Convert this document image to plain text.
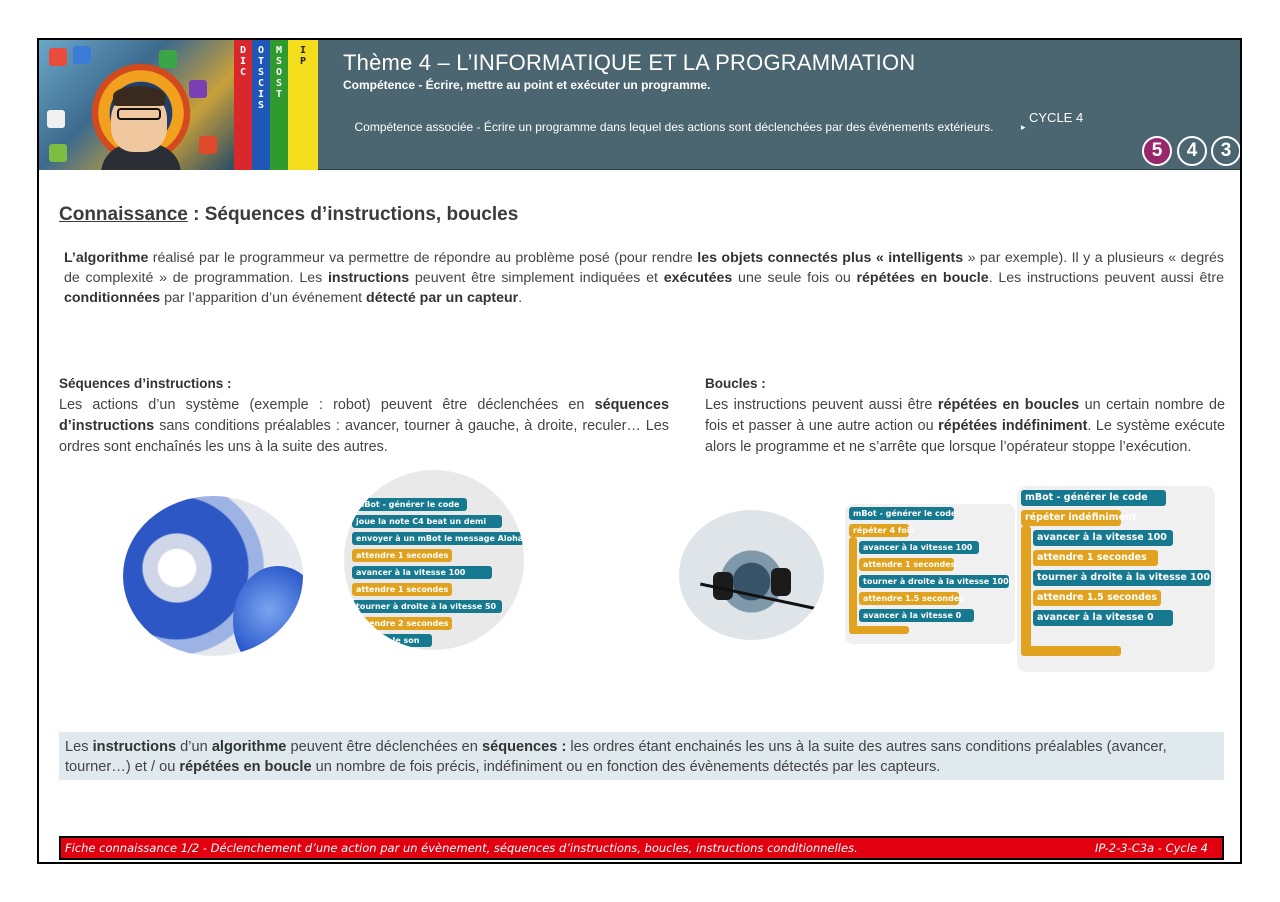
D
I
C
O
T
S
C
I
S
M
S
O
S
T
I
P	Thème 4 – L’INFORMATIQUE ET LA PROGRAMMATION
Compétence - Écrire, mettre au point et exécuter un programme.
Compétence associée - Écrire un programme dans lequel des actions sont déclenchées par des événements extérieurs.
CYCLE 4
▸
5	4	3
Connaissance : Séquences d’instructions, boucles
L’algorithme réalisé par le programmeur va permettre de répondre au problème posé (pour rendre les objets connectés plus « intelligents » par exemple). Il y a plusieurs « degrés de complexité » de programmation. Les instructions peuvent être simplement indiquées et exécutées une seule fois ou répétées en boucle. Les instructions peuvent aussi être conditionnées par l’apparition d’un événement détecté par un capteur.
Séquences d’instructions :
Les actions d’un système (exemple : robot) peuvent être déclenchées en séquences d’instructions sans conditions préalables : avancer, tourner à gauche, à droite, reculer… Les ordres sont enchaînés les uns à la suite des autres.
mBot - générer le code
joue la note C4 beat un demi
envoyer à un mBot le message Aloha
attendre 1 secondes
avancer à la vitesse 100
attendre 1 secondes
tourner à droite à la vitesse 50
attendre 2 secondes
répéter le son
Boucles :
Les instructions peuvent aussi être répétées en boucles un certain nombre de fois et passer à une autre action ou répétées indéfiniment. Le système exécute alors le programme et ne s’arrête que lorsque l’opérateur stoppe l’exécution.
mBot - générer le code
répéter 4 fois
avancer à la vitesse 100
attendre 1 secondes
tourner à droite à la vitesse 100
attendre 1.5 secondes
avancer à la vitesse 0
mBot - générer le code
répéter indéfiniment
avancer à la vitesse 100
attendre 1 secondes
tourner à droite à la vitesse 100
attendre 1.5 secondes
avancer à la vitesse 0
Les instructions d’un algorithme peuvent être déclenchées en séquences : les ordres étant enchainés les uns à la suite des autres sans conditions préalables (avancer, tourner…) et / ou répétées en boucle un nombre de fois précis, indéfiniment ou en fonction des évènements détectés par les capteurs.
Fiche connaissance 1/2 - Déclenchement d’une action par un évènement, séquences d’instructions, boucles, instructions conditionnelles.	IP-2-3-C3a - Cycle 4
